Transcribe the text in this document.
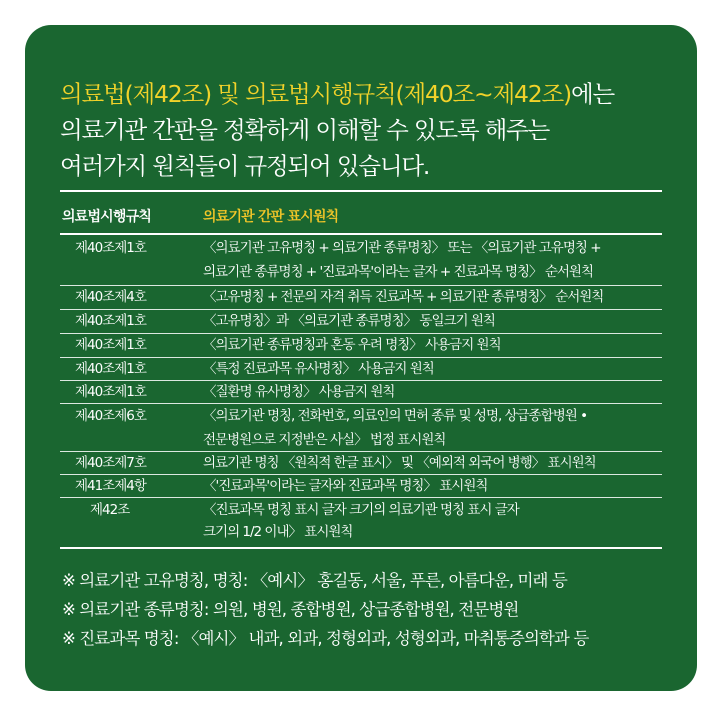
의료법(제42조) 및 의료법시행규칙(제40조~제42조)에는
의료기관 간판을 정확하게 이해할 수 있도록 해주는
여러가지 원칙들이 규정되어 있습니다.
의료법시행규칙	의료기관 간판 표시원칙
제40조제1호	〈의료기관 고유명칭 + 의료기관 종류명칭〉 또는 〈의료기관 고유명칭 +
의료기관 종류명칭 + '진료과목'이라는 글자 + 진료과목 명칭〉 순서원칙
제40조제4호	〈고유명칭 + 전문의 자격 취득 진료과목 + 의료기관 종류명칭〉 순서원칙
제40조제1호	〈고유명칭〉과 〈의료기관 종류명칭〉 동일크기 원칙
제40조제1호	〈의료기관 종류명칭과 혼동 우려 명칭〉 사용금지 원칙
제40조제1호	〈특정 진료과목 유사명칭〉 사용금지 원칙
제40조제1호	〈질환명 유사명칭〉 사용금지 원칙
제40조제6호	〈의료기관 명칭, 전화번호, 의료인의 면허 종류 및 성명, 상급종합병원 •
전문병원으로 지정받은 사실〉 법정 표시원칙
제40조제7호	의료기관 명칭 〈원칙적 한글 표시〉 및 〈예외적 외국어 병행〉 표시원칙
제41조제4항	〈'진료과목'이라는 글자와 진료과목 명칭〉 표시원칙
제42조	〈진료과목 명칭 표시 글자 크기의 의료기관 명칭 표시 글자
크기의 1/2 이내〉 표시원칙
※ 의료기관 고유명칭, 명칭: 〈예시〉 홍길동, 서울, 푸른, 아름다운, 미래 등
※ 의료기관 종류명칭: 의원, 병원, 종합병원, 상급종합병원, 전문병원
※ 진료과목 명칭: 〈예시〉 내과, 외과, 정형외과, 성형외과, 마취통증의학과 등
